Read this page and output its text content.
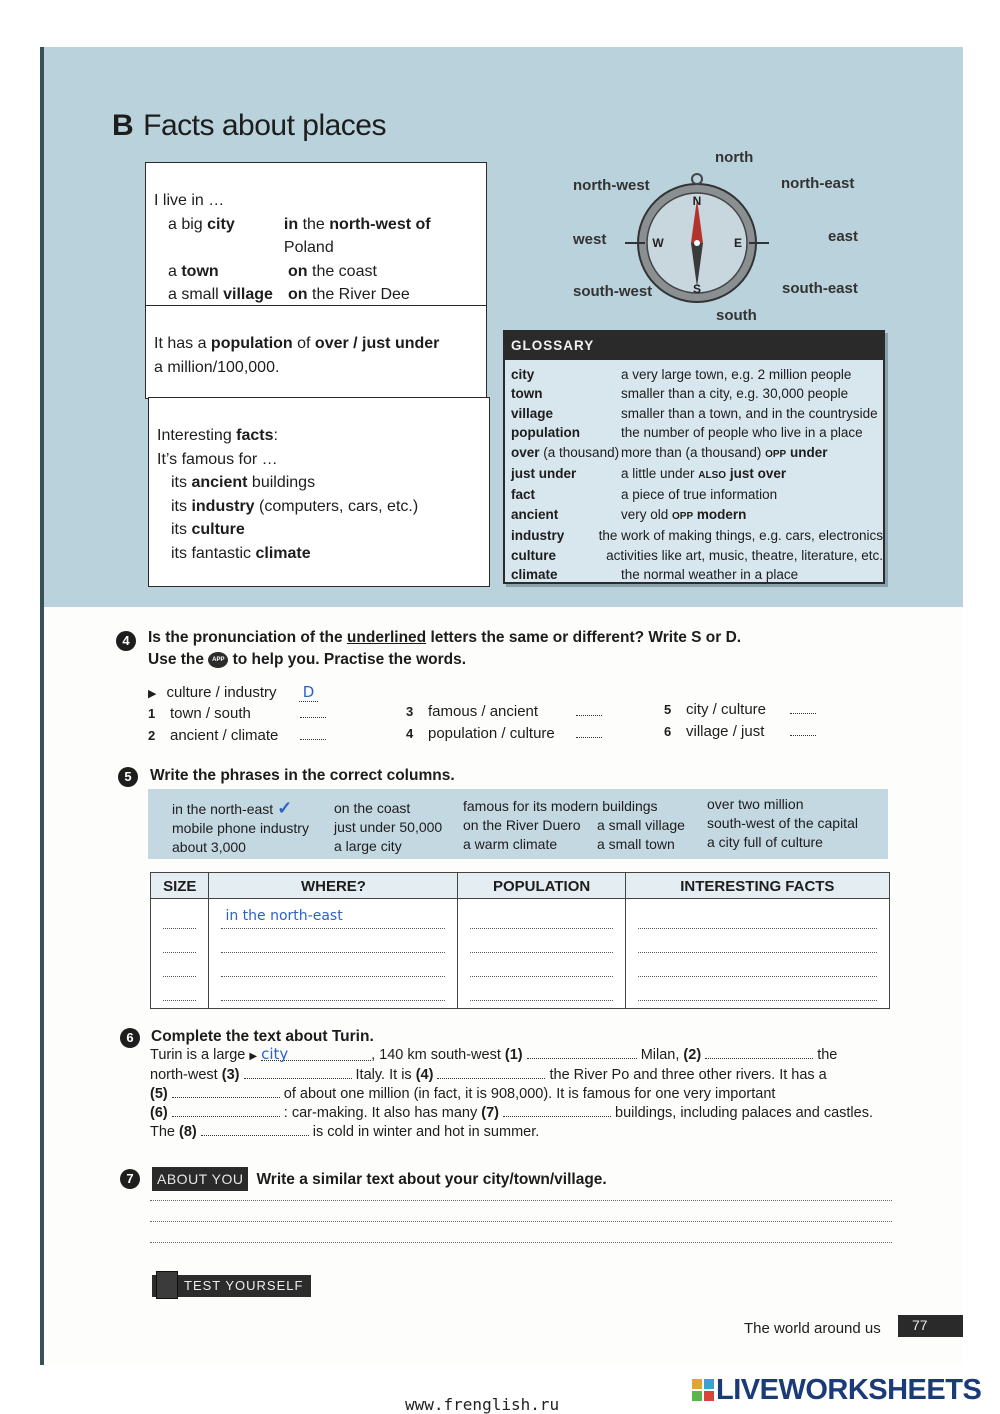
B Facts about places
I live in …
a big city	in the north-west of Poland
a town	on the coast
a small village on the River Dee
It has a population of over / just under
a million/100,000.
Interesting facts:
It’s famous for …
its ancient buildings
its industry (computers, cars, etc.)
its culture
its fantastic climate
N
S
E
W
north
north-west	north-east
west	east
south-west	south-east
south
GLOSSARY
city	a very large town, e.g. 2 million people
town	smaller than a city, e.g. 30,000 people
village	smaller than a town, and in the countryside
population	the number of people who live in a place
over (a thousand) more than (a thousand) OPP under
just under	a little under ALSO just over
fact	a piece of true information
ancient	very old OPP modern
industry	the work of making things, e.g. cars, electronics
culture	activities like art, music, theatre, literature, etc.
climate	the normal weather in a place
4	Is the pronunciation of the underlined letters the same or different? Write S or D.
Use the APP to help you. Practise the words.
▶ culture / industry D
1 town / south
2 ancient / climate
3 famous / ancient
4 population / culture
5 city / culture
6 village / just
5	Write the phrases in the correct columns.
in the north-east ✓
mobile phone industry
about 3,000
on the coast
just under 50,000
a large city
famous for its modern buildings
on the River Duero
a warm climate
a small village
a small town
over two million
south-west of the capital
a city full of culture
SIZE	WHERE?	POPULATION	INTERESTING FACTS

	in the north-east		

6	Complete the text about Turin.
Turin is a large ▶ city	, 140 km south-west (1)	Milan, (2)	the
north-west (3)	Italy. It is (4)	the River Po and three other rivers. It has a
(5)	of about one million (in fact, it is 908,000). It is famous for one very important
(6)	: car-making. It also has many (7)	buildings, including palaces and castles.
The (8)	is cold in winter and hot in summer.
7	ABOUT YOU Write a similar text about your city/town/village.
TEST YOURSELF
The world around us	77
www.frenglish.ru	LIVEWORKSHEETS
